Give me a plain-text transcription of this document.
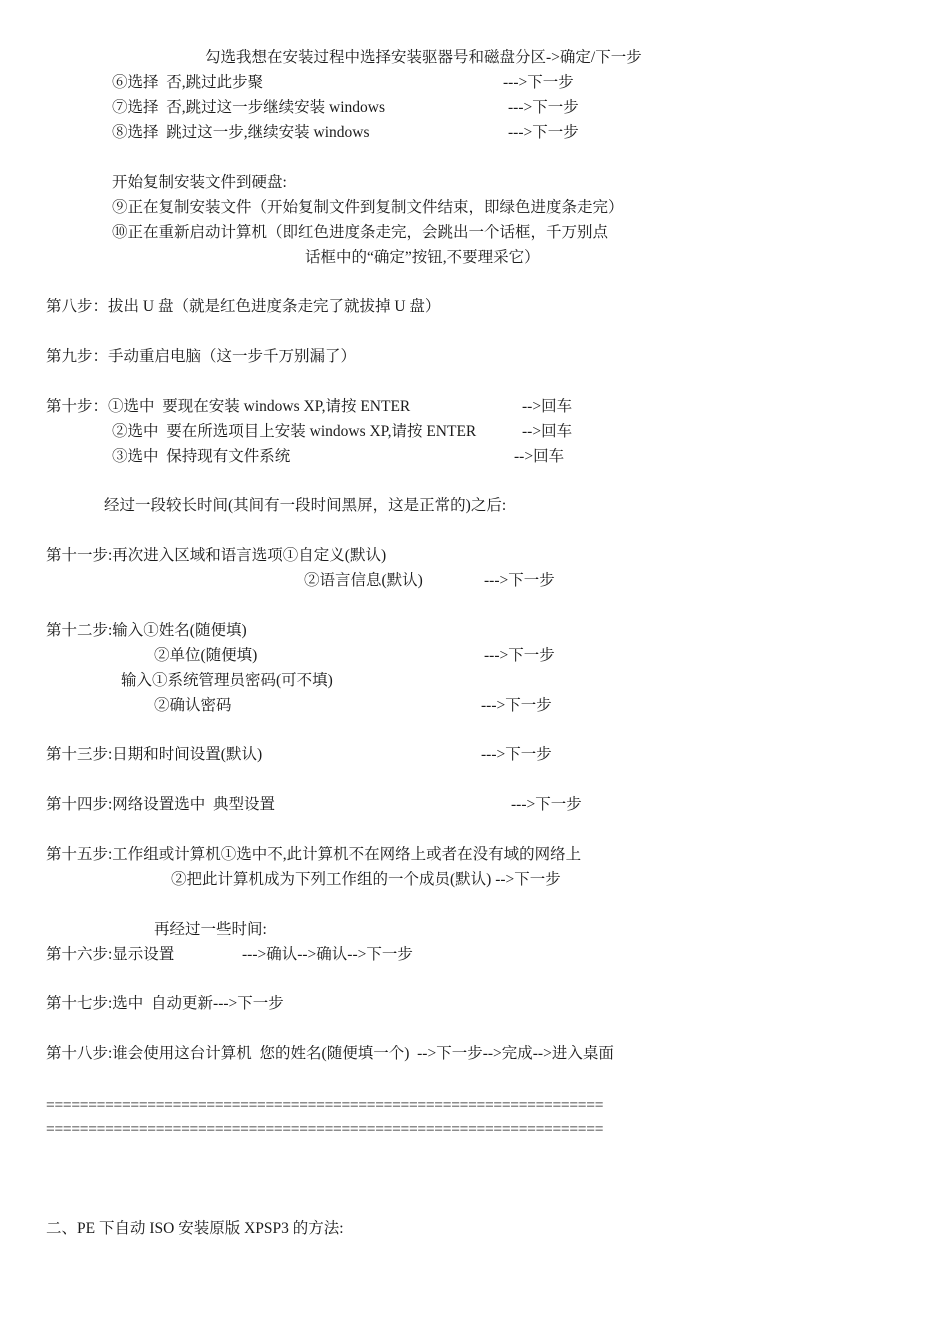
勾选我想在安装过程中选择安装驱器号和磁盘分区->确定/下一步
⑥选择  否,跳过此步聚	--->下一步
⑦选择  否,跳过这一步继续安装 windows	--->下一步
⑧选择  跳过这一步,继续安装 windows	--->下一步
开始复制安装文件到硬盘:
⑨正在复制安装文件（开始复制文件到复制文件结束，即绿色进度条走完）
⑩正在重新启动计算机（即红色进度条走完，会跳出一个话框，千万别点
话框中的“确定”按钮,不要理采它）
第八步：拔出 U 盘（就是红色进度条走完了就拔掉 U 盘）
第九步：手动重启电脑（这一步千万别漏了）
第十步：①选中  要现在安装 windows XP,请按 ENTER	-->回车
②选中  要在所选项目上安装 windows XP,请按 ENTER	-->回车
③选中  保持现有文件系统	-->回车
经过一段较长时间(其间有一段时间黑屏，这是正常的)之后:
第十一步:再次进入区域和语言选项①自定义(默认)
②语言信息(默认)	--->下一步
第十二步:输入①姓名(随便填)
②单位(随便填)	--->下一步
输入①系统管理员密码(可不填)
②确认密码	--->下一步
第十三步:日期和时间设置(默认)	--->下一步
第十四步:网络设置选中  典型设置	--->下一步
第十五步:工作组或计算机①选中不,此计算机不在网络上或者在没有域的网络上
②把此计算机成为下列工作组的一个成员(默认) -->下一步
再经过一些时间:
第十六步:显示设置	--->确认-->确认-->下一步
第十七步:选中  自动更新--->下一步
第十八步:谁会使用这台计算机  您的姓名(随便填一个)  -->下一步-->完成-->进入桌面
==================================================================
==================================================================
二、PE 下自动 ISO 安装原版 XPSP3 的方法:
